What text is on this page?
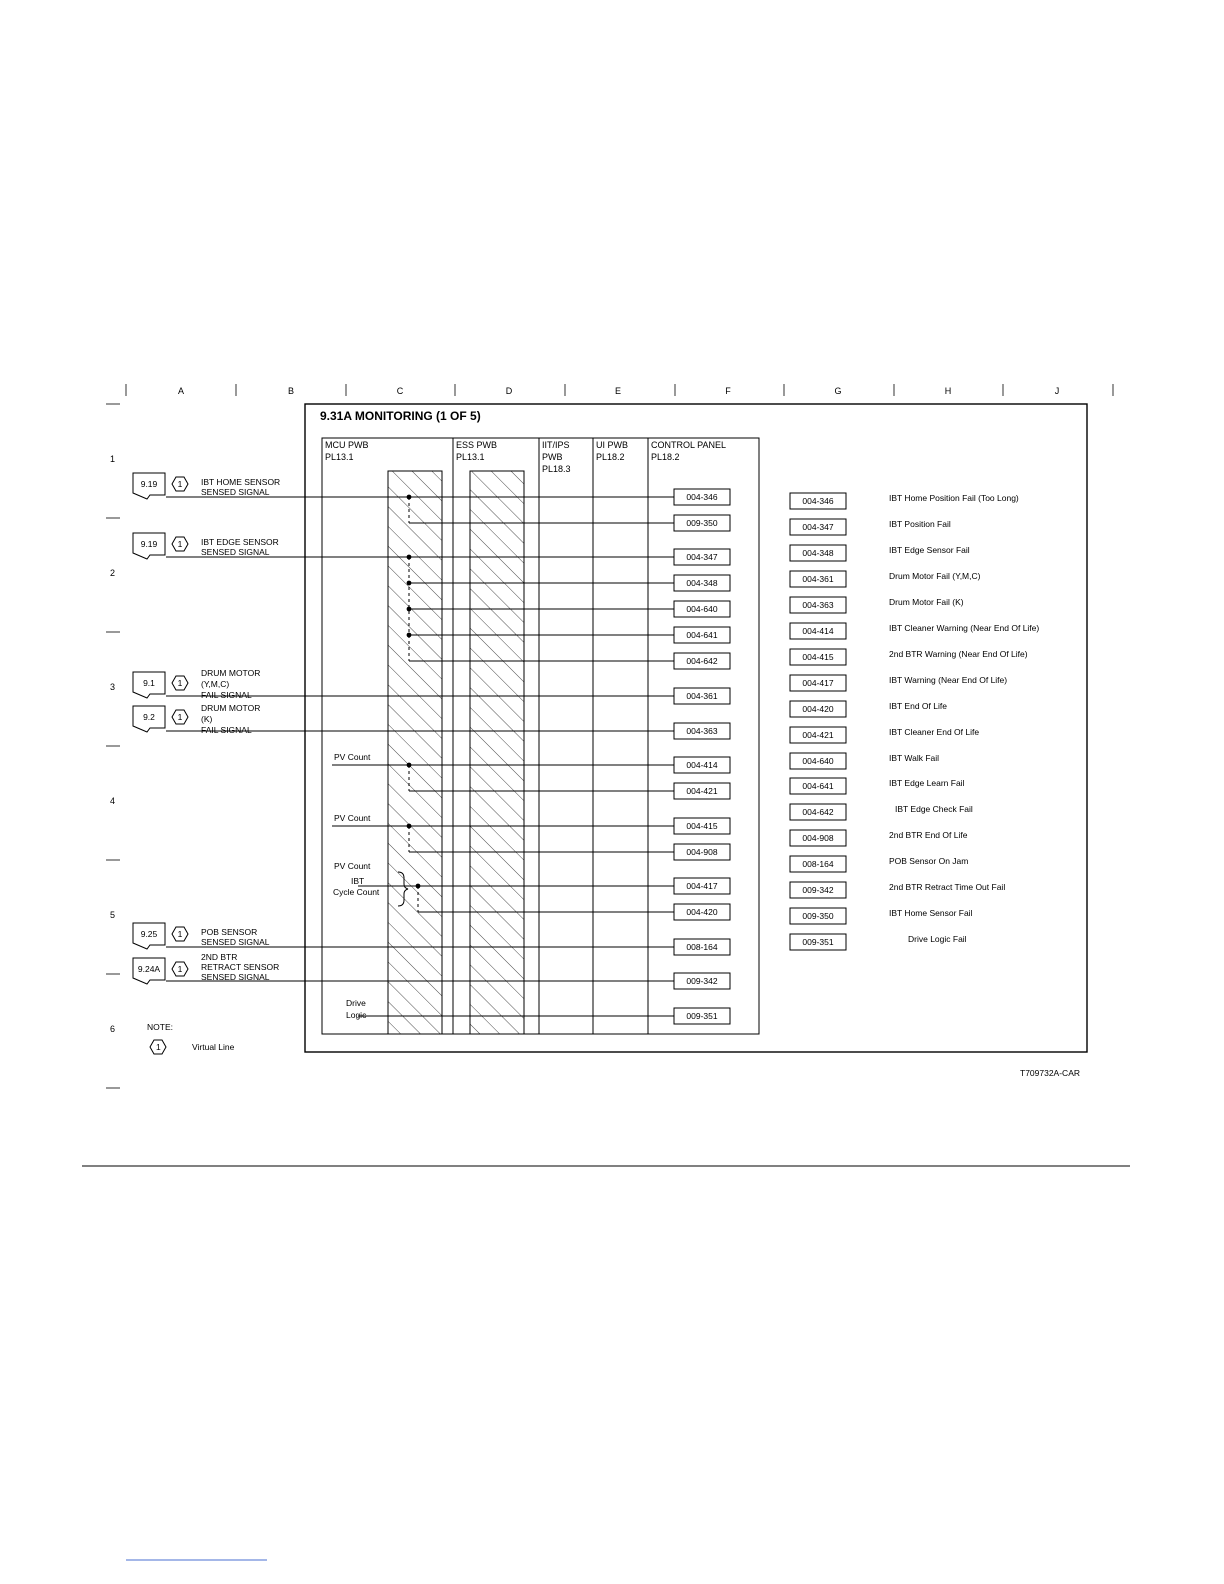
A	B	C	D	E	F	G	H	J
1
2
3
4
5
6
9.31A MONITORING (1 OF 5)
MCU PWB
PL13.1
ESS PWB
PL13.1
IIT/IPS
PWB
PL18.3
UI PWB
PL18.2
CONTROL PANEL
PL18.2
PV Count
PV Count
PV Count
IBT
Cycle Count
Drive
Logic
004-346
009-350
004-347
004-348
004-640
004-641
004-642
004-361
004-363
004-414
004-421
004-415
004-908
004-417
004-420
008-164
009-342
009-351
9.19 1 IBT HOME SENSOR
SENSED SIGNAL
9.19 1 IBT EDGE SENSOR
SENSED SIGNAL
9.1	1
DRUM MOTOR
(Y,M,C)
FAIL SIGNAL
9.2	1
DRUM MOTOR
(K)
FAIL SIGNAL
9.25 1 POB SENSOR
SENSED SIGNAL
9.24A 1
2ND BTR
RETRACT SENSOR
SENSED SIGNAL
004-346	IBT Home Position Fail (Too Long)
004-347	IBT Position Fail
004-348	IBT Edge Sensor Fail
004-361	Drum Motor Fail (Y,M,C)
004-363	Drum Motor Fail (K)
004-414	IBT Cleaner Warning (Near End Of Life)
004-415	2nd BTR Warning (Near End Of Life)
004-417	IBT Warning (Near End Of Life)
004-420	IBT End Of Life
004-421	IBT Cleaner End Of Life
004-640	IBT Walk Fail
004-641	IBT Edge Learn Fail
004-642	IBT Edge Check Fail
004-908	2nd BTR End Of Life
008-164	POB Sensor On Jam
009-342	2nd BTR Retract Time Out Fail
009-350	IBT Home Sensor Fail
009-351	Drive Logic Fail
NOTE:
1	Virtual Line
T709732A-CAR
